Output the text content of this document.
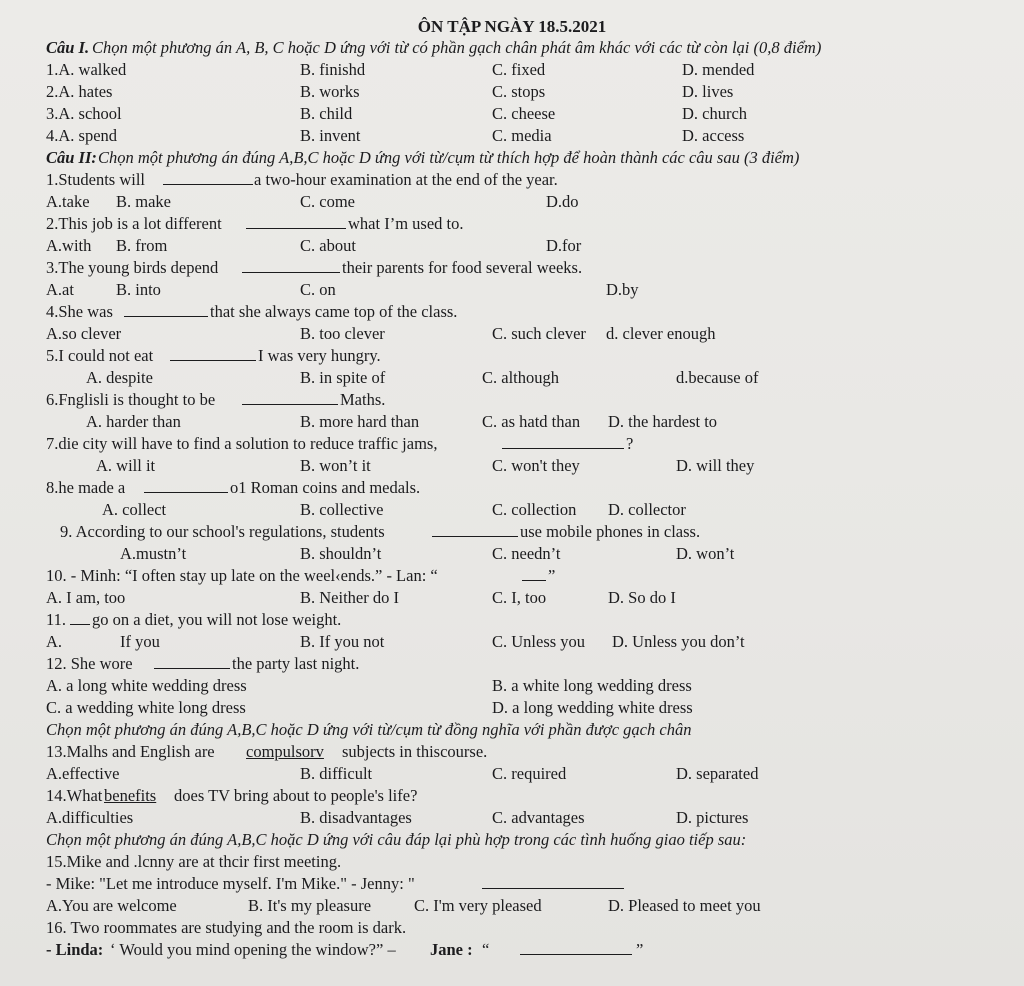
ÔN TẬP NGÀY 18.5.2021
Câu I. Chọn một phương án A, B, C hoặc D ứng với từ có phần gạch chân phát âm khác với các từ còn lại (0,8 điểm)
1.A. walked	B. finishd	C. fixed	D. mended
2.A. hates	B. works	C. stops	D. lives
3.A. school	B. child	C. cheese	D. church
4.A. spend	B. invent	C. media	D. access
Câu II: Chọn một phương án đúng A,B,C hoặc D ứng với từ/cụm từ thích hợp để hoàn thành các câu sau (3 điểm)
1.Students will	a two-hour examination at the end of the year.
A.take B. make	C. come	D.do
2.This job is a lot different	what I’m used to.
A.with B. from	C. about	D.for
3.The young birds depend	their parents for food several weeks.
A.at	B. into	C. on	D.by
4.She was	that she always came top of the class.
A.so clever	B. too clever	C. such clever d. clever enough
5.I could not eat	I was very hungry.
A. despite	B. in spite of	C. although	d.because of
6.Fnglisli is thought to be	Maths.
A. harder than	B. more hard than	C. as hatd than D. the hardest to
7.die city will have to find a solution to reduce traffic jams,	?
A. will it	B. won’t it	C. won't they	D. will they
8.he made a	o1 Roman coins and medals.
A. collect	B. collective	C. collection D. collector
9. According to our school's regulations, students	use mobile phones in class.
A.mustn’t	B. shouldn’t	C. needn’t	D. won’t
10. - Minh: “I often stay up late on the weel‹ends.” - Lan: “	”
A. I am, too	B. Neither do I	C. I, too	D. So do I
11. go on a diet, you will not lose weight.
A.	If you	B. If you not	C. Unless you D. Unless you don’t
12. She wore	the party last night.
A. a long white wedding dress	B. a white long wedding dress
C. a wedding white long dress	D. a long wedding white dress
Chọn một phương án đúng A,B,C hoặc D ứng với từ/cụm từ đồng nghĩa với phần được gạch chân
13.Malhs and English are compulsorv subjects in thiscourse.
A.effective	B. difficult	C. required	D. separated
14.What benefits does TV bring about to people's life?
A.difficulties	B. disadvantages	C. advantages	D. pictures
Chọn một phương án đúng A,B,C hoặc D ứng với câu đáp lại phù hợp trong các tình huống giao tiếp sau:
15.Mike and .lcnny are at thcir first meeting.
- Mike: "Let me introduce myself. I'm Mike." - Jenny: "
A.You are welcome	B. It's my pleasure	C. I'm very pleased	D. Pleased to meet you
16. Two roommates are studying and the room is dark.
- Linda: ‘ Would you mind opening the window?” – Jane : “	”
